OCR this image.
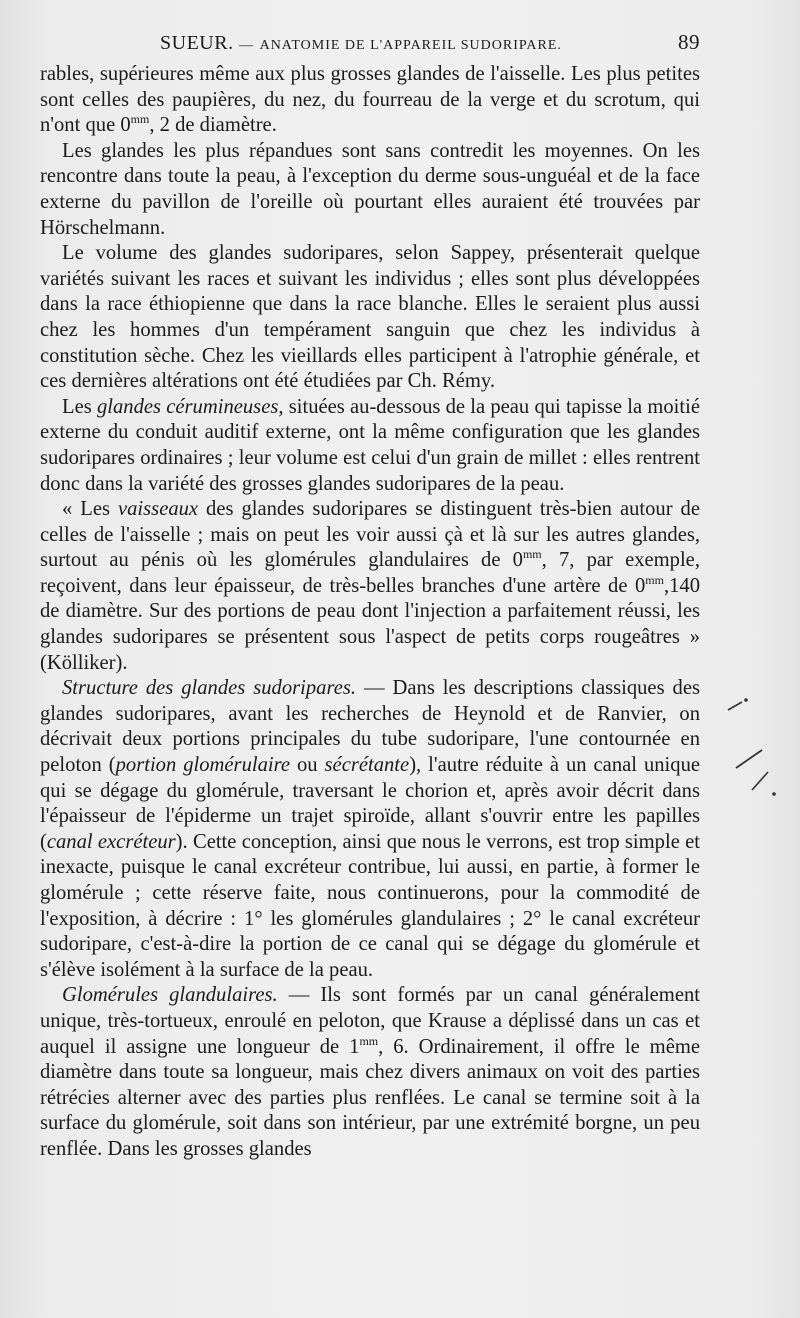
SUEUR. — ANATOMIE DE L'APPAREIL SUDORIPARE.	89

rables, supérieures même aux plus grosses glandes de l'aisselle. Les plus petites sont celles des paupières, du nez, du fourreau de la verge et du scrotum, qui n'ont que $0^{mm}$, 2 de diamètre.

Les glandes les plus répandues sont sans contredit les moyennes. On les rencontre dans toute la peau, à l'exception du derme sous-unguéal et de la face externe du pavillon de l'oreille où pourtant elles auraient été trouvées par Hörschelmann.

Le volume des glandes sudoripares, selon Sappey, présenterait quelque variétés suivant les races et suivant les individus ; elles sont plus développées dans la race éthiopienne que dans la race blanche. Elles le seraient plus aussi chez les hommes d'un tempérament sanguin que chez les individus à constitution sèche. Chez les vieillards elles participent à l'atrophie générale, et ces dernières altérations ont été étudiées par Ch. Rémy.

Les glandes cérumineuses, situées au-dessous de la peau qui tapisse la moitié externe du conduit auditif externe, ont la même configuration que les glandes sudoripares ordinaires ; leur volume est celui d'un grain de millet : elles rentrent donc dans la variété des grosses glandes sudoripares de la peau.

« Les vaisseaux des glandes sudoripares se distinguent très-bien autour de celles de l'aisselle ; mais on peut les voir aussi çà et là sur les autres glandes, surtout au pénis où les glomérules glandulaires de $0^{mm}$, 7, par exemple, reçoivent, dans leur épaisseur, de très-belles branches d'une artère de $0^{mm},140$ de diamètre. Sur des portions de peau dont l'injection a parfaitement réussi, les glandes sudoripares se présentent sous l'aspect de petits corps rougeâtres » (Kölliker).

Structure des glandes sudoripares. — Dans les descriptions classiques des glandes sudoripares, avant les recherches de Heynold et de Ranvier, on décrivait deux portions principales du tube sudoripare, l'une contournée en peloton (portion glomérulaire ou sécrétante), l'autre réduite à un canal unique qui se dégage du glomérule, traversant le chorion et, après avoir décrit dans l'épaisseur de l'épiderme un trajet spiroïde, allant s'ouvrir entre les papilles (canal excréteur). Cette conception, ainsi que nous le verrons, est trop simple et inexacte, puisque le canal excréteur contribue, lui aussi, en partie, à former le glomérule ; cette réserve faite, nous continuerons, pour la commodité de l'exposition, à décrire : 1° les glomérules glandulaires ; 2° le canal excréteur sudoripare, c'est-à-dire la portion de ce canal qui se dégage du glomérule et s'élève isolément à la surface de la peau.

Glomérules glandulaires. — Ils sont formés par un canal généralement unique, très-tortueux, enroulé en peloton, que Krause a déplissé dans un cas et auquel il assigne une longueur de $1^{mm}$, 6. Ordinairement, il offre le même diamètre dans toute sa longueur, mais chez divers animaux on voit des parties rétrécies alterner avec des parties plus renflées. Le canal se termine soit à la surface du glomérule, soit dans son intérieur, par une extrémité borgne, un peu renflée. Dans les grosses glandes
